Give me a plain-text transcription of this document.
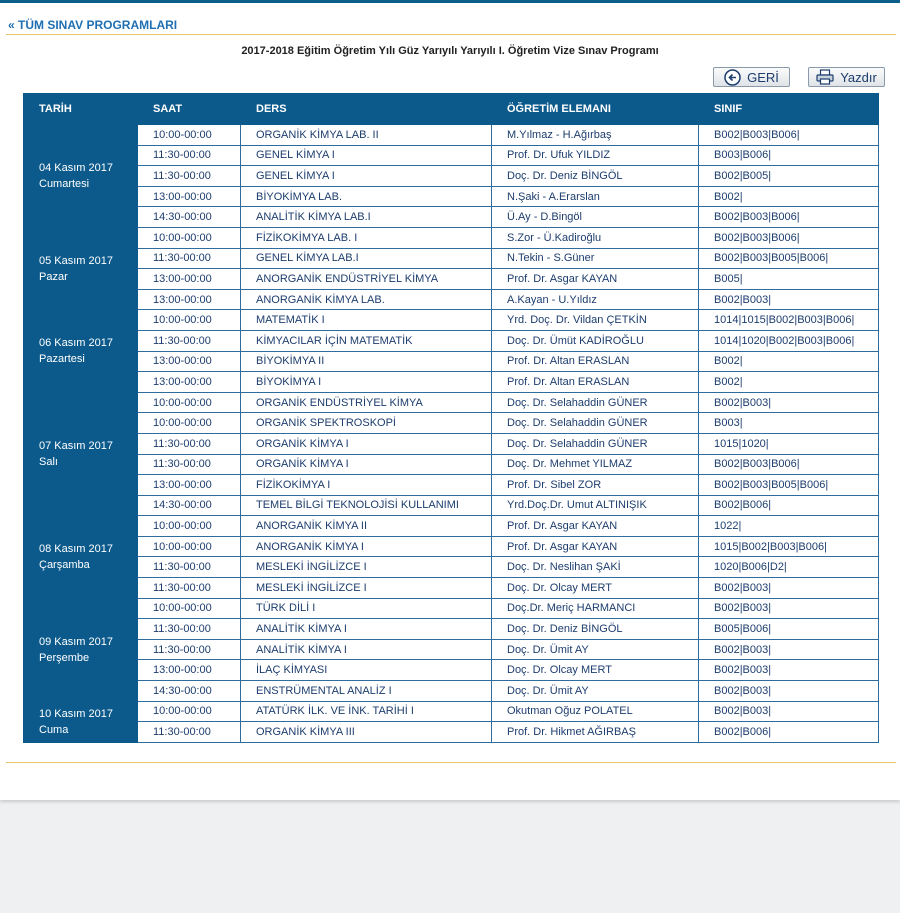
« TÜM SINAV PROGRAMLARI
2017-2018 Eğitim Öğretim Yılı Güz Yarıyılı Yarıyılı I. Öğretim Vize Sınav Programı
GERİ	Yazdır
TARİH	SAAT	DERS	ÖĞRETİM ELEMANI	SINIF

04 Kasım 2017
Cumartesi	10:00-00:00	ORGANİK KİMYA LAB. II	M.Yılmaz - H.Ağırbaş	B002|B003|B006|
	11:30-00:00	GENEL KİMYA I	Prof. Dr. Ufuk YILDIZ	B003|B006|
	11:30-00:00	GENEL KİMYA I	Doç. Dr. Deniz BİNGÖL	B002|B005|
	13:00-00:00	BİYOKİMYA LAB.	N.Şaki - A.Erarslan	B002|
	14:30-00:00	ANALİTİK KİMYA LAB.I	Ü.Ay - D.Bingöl	B002|B003|B006|

05 Kasım 2017
Pazar	10:00-00:00	FİZİKOKİMYA LAB. I	S.Zor - Ü.Kadiroğlu	B002|B003|B006|
	11:30-00:00	GENEL KİMYA LAB.I	N.Tekin - S.Güner	B002|B003|B005|B006|
	13:00-00:00	ANORGANİK ENDÜSTRİYEL KİMYA	Prof. Dr. Asgar KAYAN	B005|
	13:00-00:00	ANORGANİK KİMYA LAB.	A.Kayan - U.Yıldız	B002|B003|

06 Kasım 2017
Pazartesi	10:00-00:00	MATEMATİK I	Yrd. Doç. Dr. Vildan ÇETKİN	1014|1015|B002|B003|B006|
	11:30-00:00	KİMYACILAR İÇİN MATEMATİK	Doç. Dr. Ümüt KADİROĞLU	1014|1020|B002|B003|B006|
	13:00-00:00	BİYOKİMYA II	Prof. Dr. Altan ERASLAN	B002|
	13:00-00:00	BİYOKİMYA I	Prof. Dr. Altan ERASLAN	B002|

07 Kasım 2017
Salı	10:00-00:00	ORGANİK ENDÜSTRİYEL KİMYA	Doç. Dr. Selahaddin GÜNER	B002|B003|
	10:00-00:00	ORGANİK SPEKTROSKOPİ	Doç. Dr. Selahaddin GÜNER	B003|
	11:30-00:00	ORGANİK KİMYA I	Doç. Dr. Selahaddin GÜNER	1015|1020|
	11:30-00:00	ORGANİK KİMYA I	Doç. Dr. Mehmet YILMAZ	B002|B003|B006|
	13:00-00:00	FİZİKOKİMYA I	Prof. Dr. Sibel ZOR	B002|B003|B005|B006|
	14:30-00:00	TEMEL BİLGİ TEKNOLOJİSİ KULLANIMI	Yrd.Doç.Dr. Umut ALTINIŞIK	B002|B006|

08 Kasım 2017
Çarşamba	10:00-00:00	ANORGANİK KİMYA II	Prof. Dr. Asgar KAYAN	1022|
	10:00-00:00	ANORGANİK KİMYA I	Prof. Dr. Asgar KAYAN	1015|B002|B003|B006|
	11:30-00:00	MESLEKİ İNGİLİZCE I	Doç. Dr. Neslihan ŞAKİ	1020|B006|D2|
	11:30-00:00	MESLEKİ İNGİLİZCE I	Doç. Dr. Olcay MERT	B002|B003|

09 Kasım 2017
Perşembe	10:00-00:00	TÜRK DİLİ I	Doç.Dr. Meriç HARMANCI	B002|B003|
	11:30-00:00	ANALİTİK KİMYA I	Doç. Dr. Deniz BİNGÖL	B005|B006|
	11:30-00:00	ANALİTİK KİMYA I	Doç. Dr. Ümit AY	B002|B003|
	13:00-00:00	İLAÇ KİMYASI	Doç. Dr. Olcay MERT	B002|B003|
	14:30-00:00	ENSTRÜMENTAL ANALİZ I	Doç. Dr. Ümit AY	B002|B003|

10 Kasım 2017
Cuma	10:00-00:00	ATATÜRK İLK. VE İNK. TARİHİ I	Okutman Oğuz POLATEL	B002|B003|
	11:30-00:00	ORGANİK KİMYA III	Prof. Dr. Hikmet AĞIRBAŞ	B002|B006|
